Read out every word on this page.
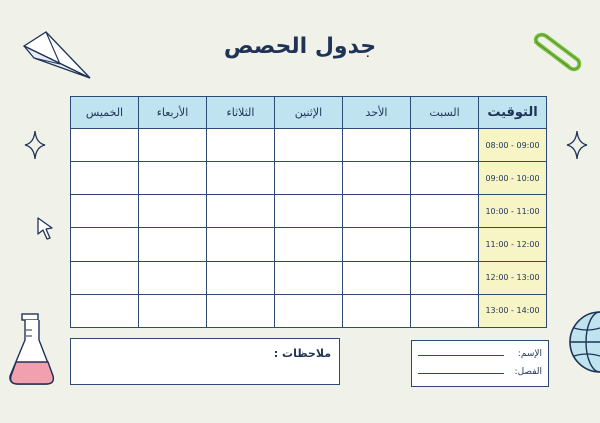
جدول الحصص
التوقيت	السبت	الأحد	الإثنين	الثلاثاء	الأربعاء	الخميس
08:00 - 09:00						
09:00 - 10:00						
10:00 - 11:00						
11:00 - 12:00						
12:00 - 13:00						
13:00 - 14:00						
ملاحظات :	الإسم:
الفصل:
